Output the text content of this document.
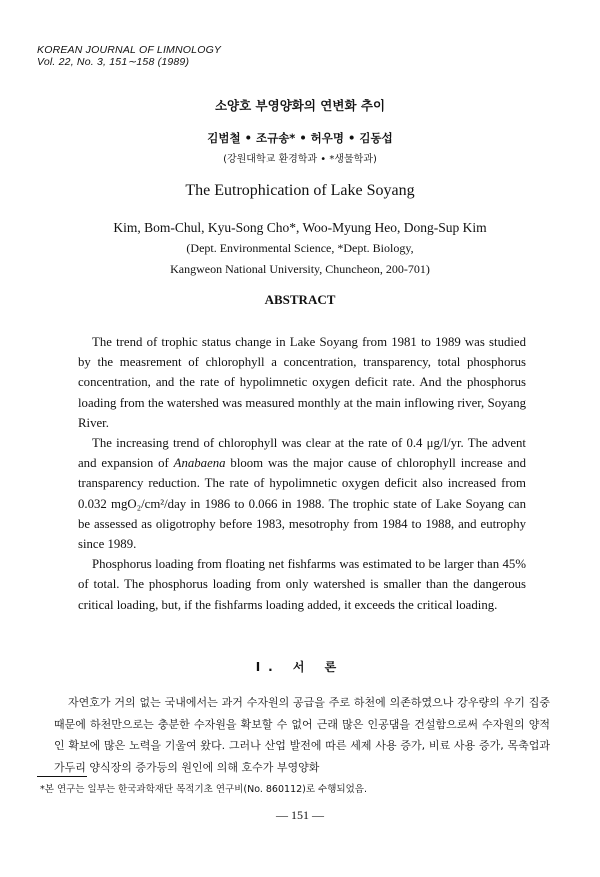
KOREAN JOURNAL OF LIMNOLOGY
Vol. 22, No. 3, 151∼158 (1989)
소양호 부영양화의 연변화 추이
김범철 • 조규송* • 허우명 • 김동섭
(강원대학교 환경학과 • *생물학과)
The Eutrophication of Lake Soyang
Kim, Bom-Chul, Kyu-Song Cho*, Woo-Myung Heo, Dong-Sup Kim
(Dept. Environmental Science, *Dept. Biology,
Kangweon National University, Chuncheon, 200-701)
ABSTRACT

The trend of trophic status change in Lake Soyang from 1981 to 1989 was studied by the measrement of chlorophyll a concentration, transparency, total phosphorus concentration, and the rate of hypolimnetic oxygen deficit rate. And the phosphorus loading from the watershed was measured monthly at the main inflowing river, Soyang River.

The increasing trend of chlorophyll was clear at the rate of 0.4 μg/l/yr. The advent and expansion of Anabaena bloom was the major cause of chlorophyll increase and transparency reduction. The rate of hypolimnetic oxygen deficit also increased from 0.032 mgO₂/cm²/day in 1986 to 0.066 in 1988. The trophic state of Lake Soyang can be assessed as oligotrophy before 1983, mesotrophy from 1984 to 1988, and eutrophy since 1989.

Phosphorus loading from floating net fishfarms was estimated to be larger than 45% of total. The phosphorus loading from only watershed is smaller than the dangerous critical loading, but, if the fishfarms loading added, it exceeds the critical loading.

I. 서 론

자연호가 거의 없는 국내에서는 과거 수자원의 공급을 주로 하천에 의존하였으나 강우량의 우기 집중때문에 하천만으로는 충분한 수자원을 확보할 수 없어 근래 많은 인공댐을 건설함으로써 수자원의 양적인 확보에 많은 노력을 기울여 왔다. 그러나 산업 발전에 따른 세제 사용 증가, 비료 사용 증가, 목축업과 가두리 양식장의 증가등의 원인에 의해 호수가 부영양화

*본 연구는 일부는 한국과학재단 목적기초 연구비(No. 860112)로 수행되었음.
— 151 —
